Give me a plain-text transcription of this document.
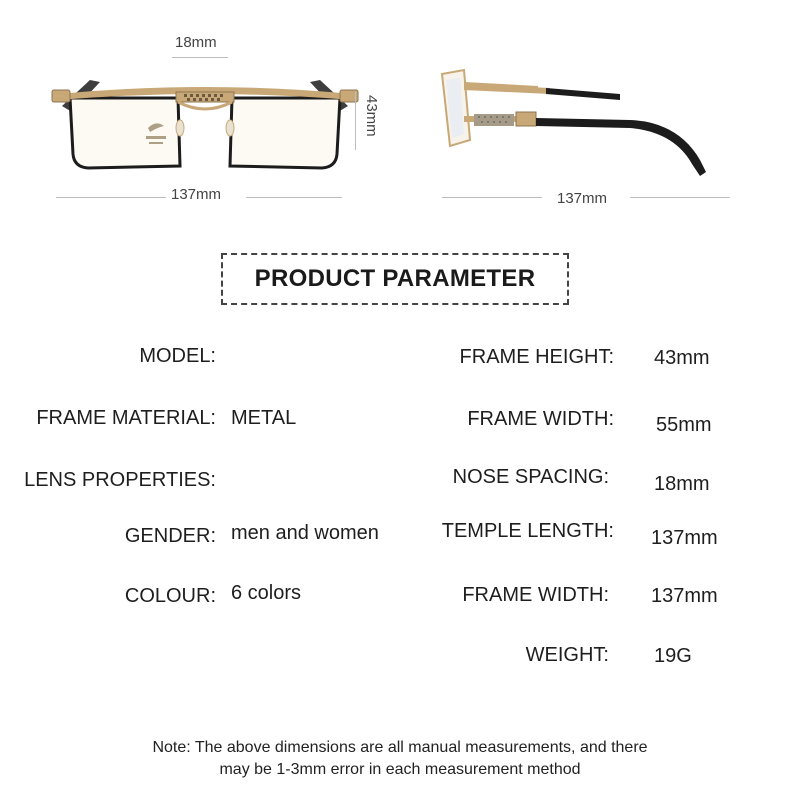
18mm
43mm
137mm	137mm
PRODUCT PARAMETER
MODEL:
FRAME MATERIAL: METAL
LENS PROPERTIES:
GENDER: men and women
COLOUR: 6 colors
FRAME HEIGHT: 43mm
FRAME WIDTH: 55mm
NOSE SPACING: 18mm
TEMPLE LENGTH: 137mm
FRAME WIDTH: 137mm
WEIGHT: 19G
Note: The above dimensions are all manual measurements, and there
may be 1-3mm error in each measurement method
